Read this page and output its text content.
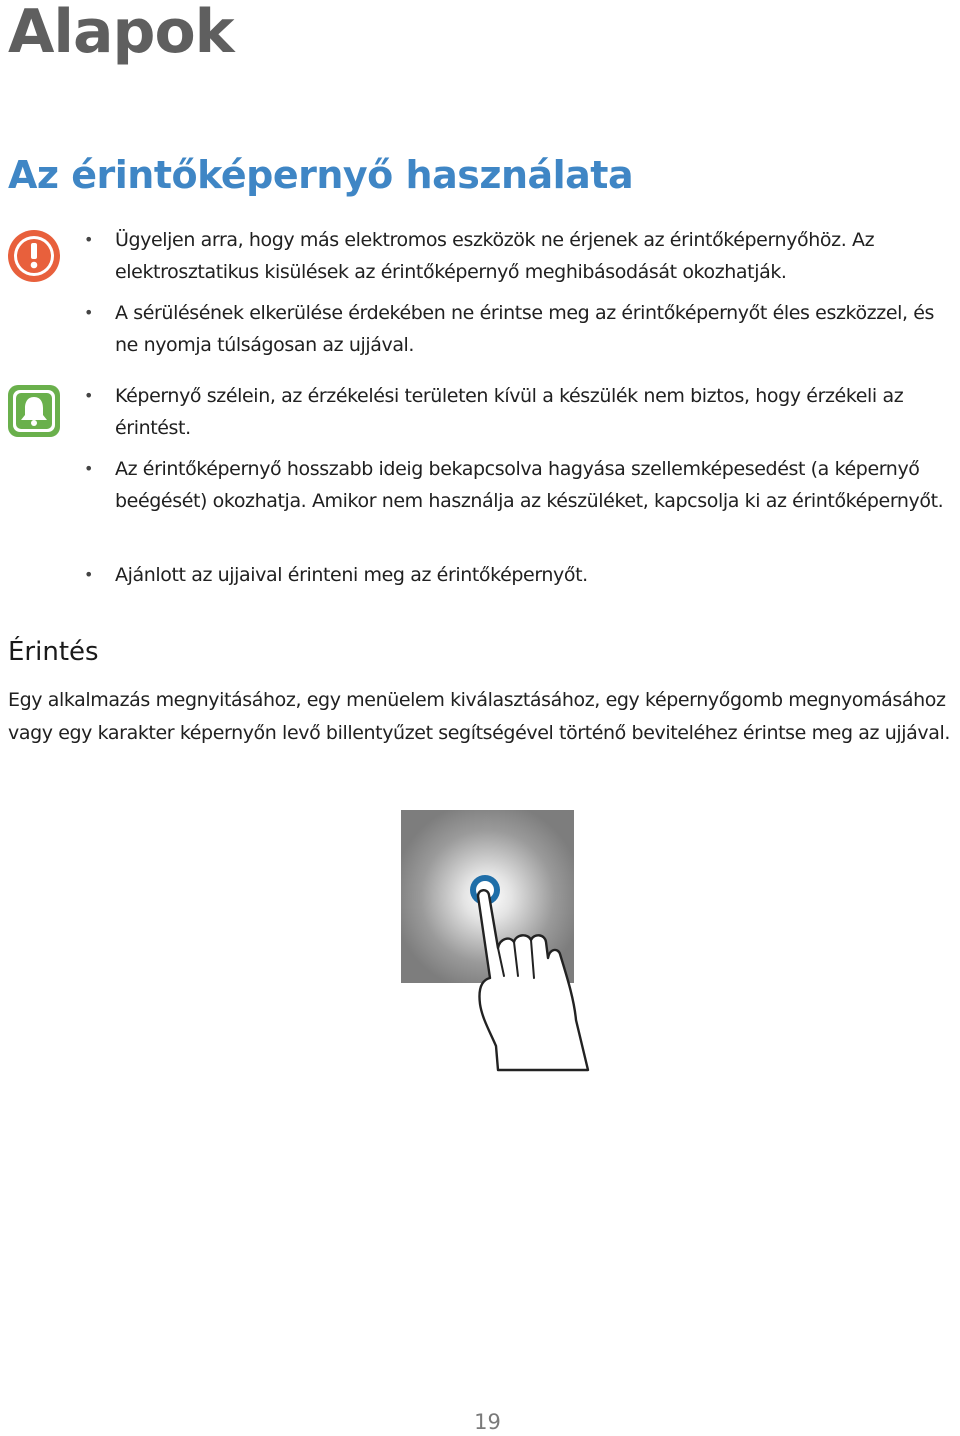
Alapok
Az érintőképernyő használata
•	Ügyeljen arra, hogy más elektromos eszközök ne érjenek az érintőképernyőhöz. Az elektrosztatikus kisülések az érintőképernyő meghibásodását okozhatják.
•	A sérülésének elkerülése érdekében ne érintse meg az érintőképernyőt éles eszközzel, és ne nyomja túlságosan az ujjával.
•	Képernyő szélein, az érzékelési területen kívül a készülék nem biztos, hogy érzékeli az érintést.
•	Az érintőképernyő hosszabb ideig bekapcsolva hagyása szellemképesedést (a képernyő beégését) okozhatja. Amikor nem használja az készüléket, kapcsolja ki az érintőképernyőt.
•	Ajánlott az ujjaival érinteni meg az érintőképernyőt.
Érintés

Egy alkalmazás megnyitásához, egy menüelem kiválasztásához, egy képernyőgomb megnyomásához vagy egy karakter képernyőn levő billentyűzet segítségével történő beviteléhez érintse meg az ujjával.

19
